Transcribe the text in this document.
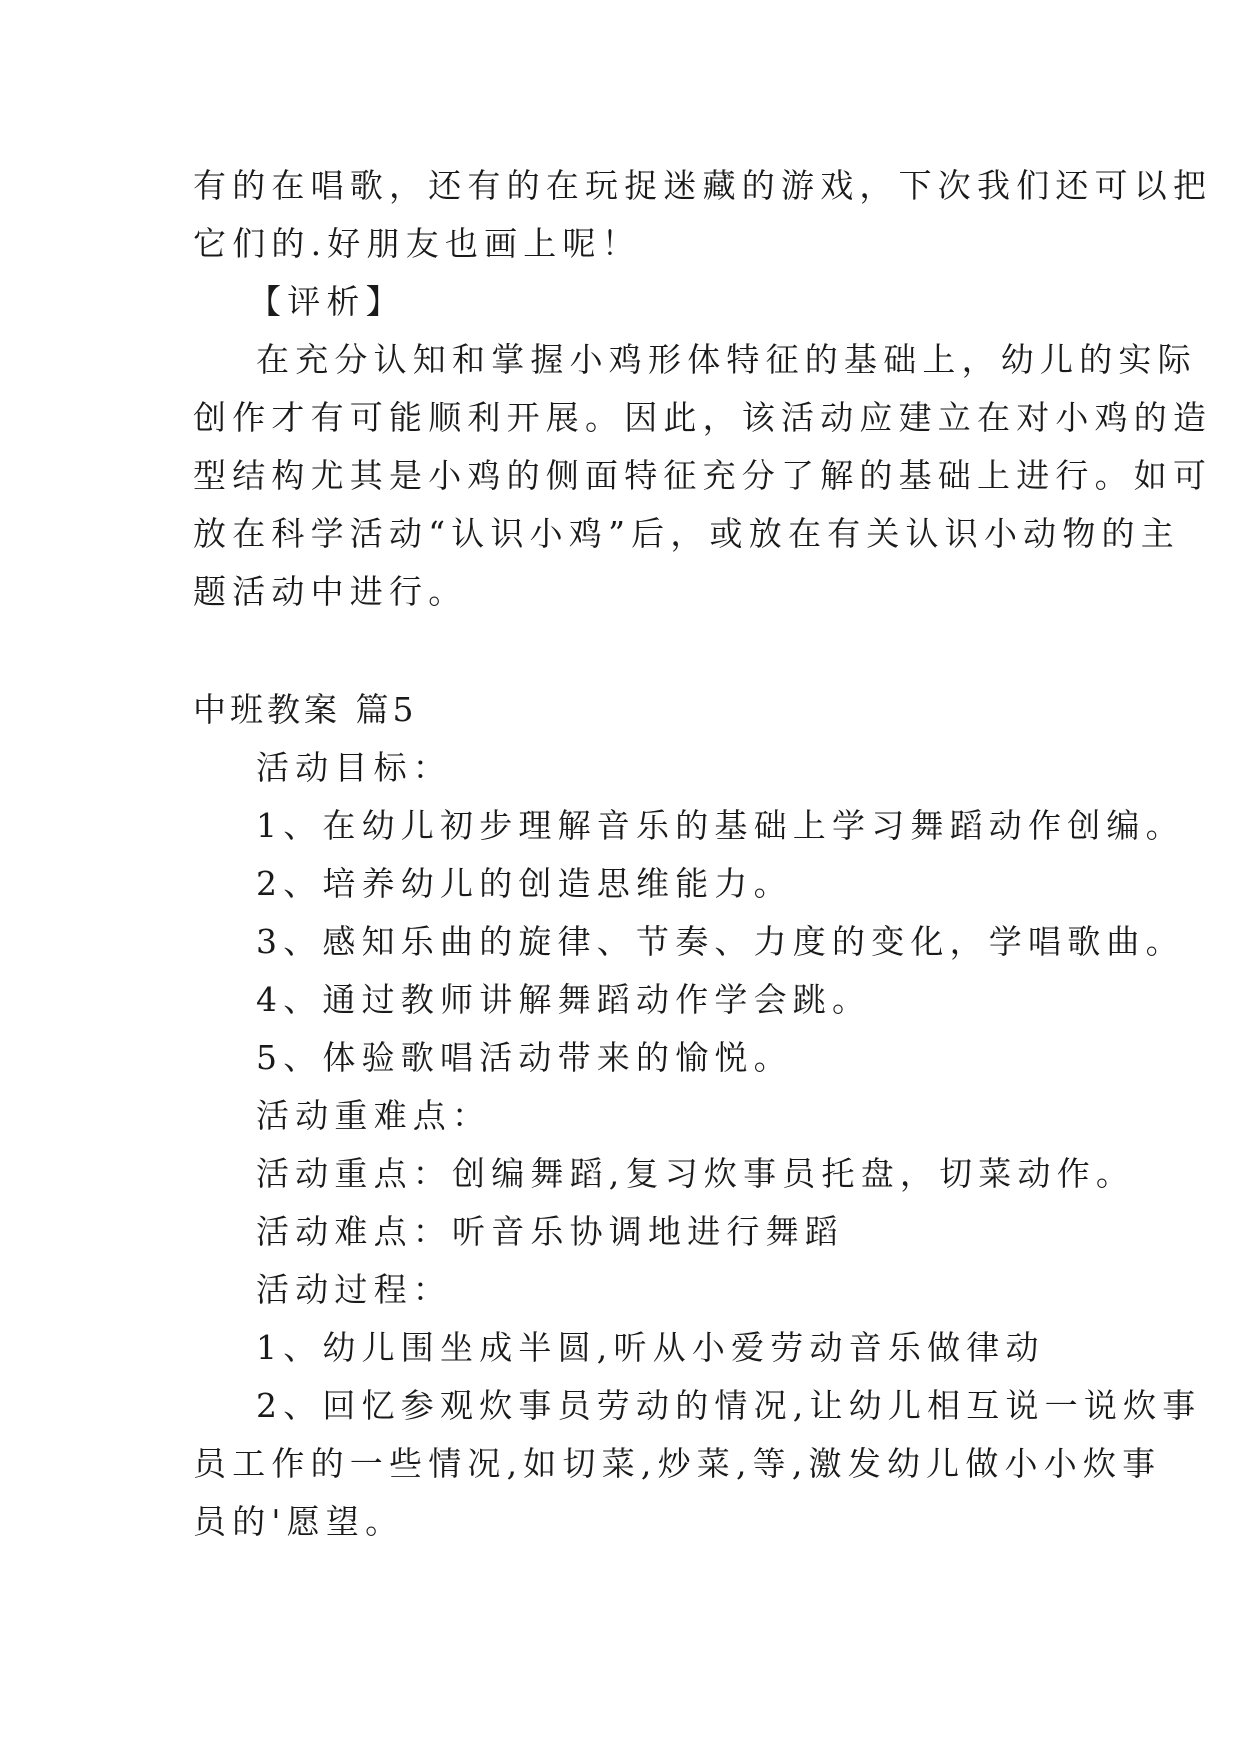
有的在唱歌，还有的在玩捉迷藏的游戏，下次我们还可以把
它们的.好朋友也画上呢！
【评析】
在充分认知和掌握小鸡形体特征的基础上，幼儿的实际
创作才有可能顺利开展。因此，该活动应建立在对小鸡的造
型结构尤其是小鸡的侧面特征充分了解的基础上进行。如可
放在科学活动“认识小鸡”后，或放在有关认识小动物的主
题活动中进行。
中班教案 篇5
活动目标：
1、在幼儿初步理解音乐的基础上学习舞蹈动作创编。
2、培养幼儿的创造思维能力。
3、感知乐曲的旋律、节奏、力度的变化，学唱歌曲。
4、通过教师讲解舞蹈动作学会跳。
5、体验歌唱活动带来的愉悦。
活动重难点：
活动重点：创编舞蹈,复习炊事员托盘，切菜动作。
活动难点：听音乐协调地进行舞蹈
活动过程：
1、幼儿围坐成半圆,听从小爱劳动音乐做律动
2、回忆参观炊事员劳动的情况,让幼儿相互说一说炊事
员工作的一些情况,如切菜,炒菜,等,激发幼儿做小小炊事
员的'愿望。
